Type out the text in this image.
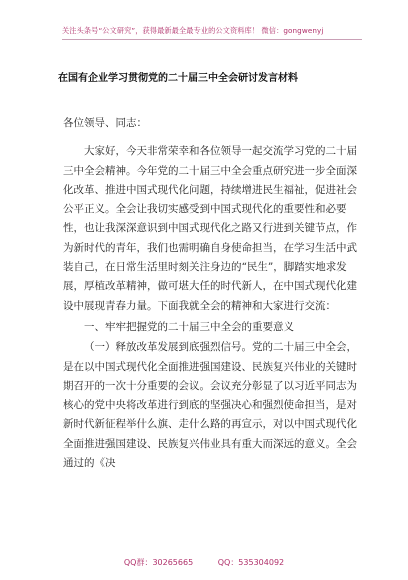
关注头条号“公文研究”，获得最新最全最专业的公文资料库！ 微信：gongwenyj
在国有企业学习贯彻党的二十届三中全会研讨发言材料

各位领导、同志：

大家好，今天非常荣幸和各位领导一起交流学习党的二十届三中全会精神。今年党的二十届三中全会重点研究进一步全面深化改革、推进中国式现代化问题，持续增进民生福祉，促进社会公平正义。全会让我切实感受到中国式现代化的重要性和必要性，也让我深深意识到中国式现代化之路又行进到关键节点，作为新时代的青年，我们也需明确自身使命担当，在学习生活中武装自己，在日常生活里时刻关注身边的“民生”，脚踏实地求发展，厚植改革精神，做可堪大任的时代新人，在中国式现代化建设中展现青春力量。下面我就全会的精神和大家进行交流：

一、牢牢把握党的二十届三中全会的重要意义

（一）释放改革发展到底强烈信号。党的二十届三中全会，是在以中国式现代化全面推进强国建设、民族复兴伟业的关键时期召开的一次十分重要的会议。会议充分彰显了以习近平同志为核心的党中央将改革进行到底的坚强决心和强烈使命担当，是对新时代新征程举什么旗、走什么路的再宣示，对以中国式现代化全面推进强国建设、民族复兴伟业具有重大而深远的意义。全会通过的《决

QQ群：30265665	QQ：535304092
